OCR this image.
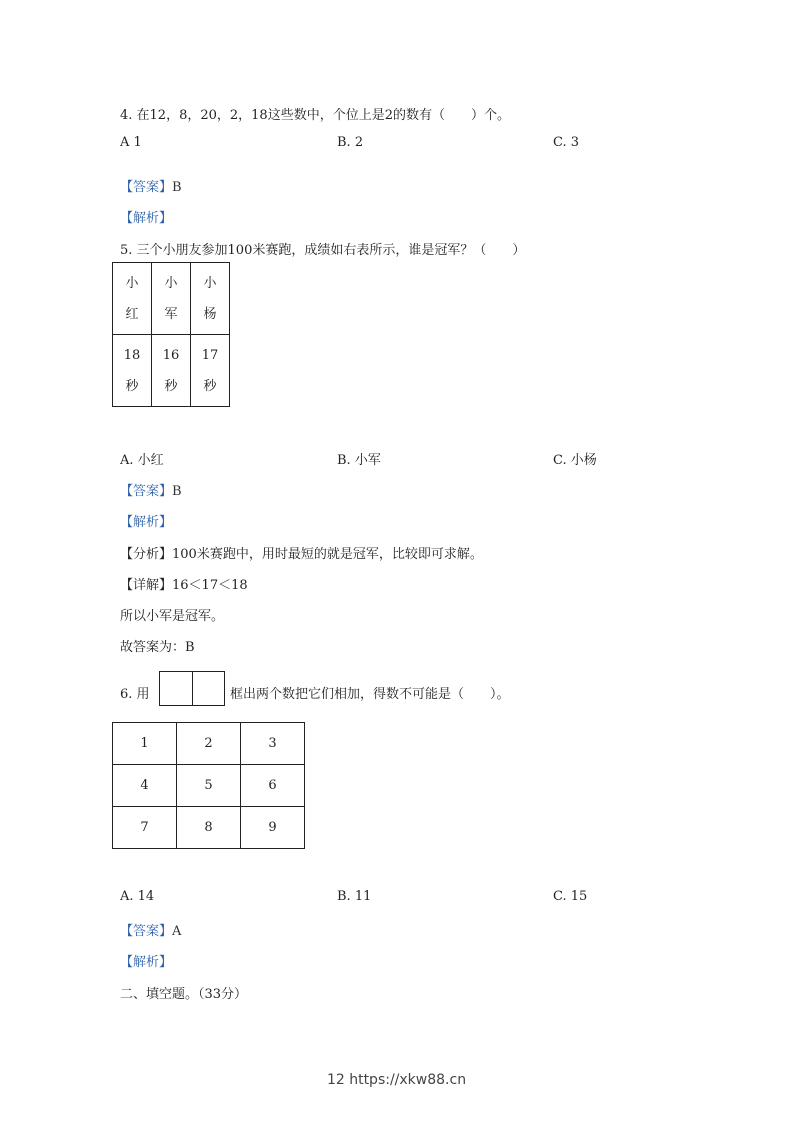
4. 在12，8，20，2，18这些数中，个位上是2的数有（　　）个。
A 1	B. 2	C. 3
【答案】B
【解析】
5. 三个小朋友参加100米赛跑，成绩如右表所示，谁是冠军？（　　）
小红	小军	小杨
18秒	16秒	17秒
A. 小红	B. 小军	C. 小杨
【答案】B
【解析】
【分析】100米赛跑中，用时最短的就是冠军，比较即可求解。
【详解】16＜17＜18
所以小军是冠军。
故答案为：B
6. 用	框出两个数把它们相加，得数不可能是（　　）。
1	2	3
4	5	6
7	8	9
A. 14	B. 11	C. 15
【答案】A
【解析】
二、填空题。（33分）
12 https://xkw88.cn
